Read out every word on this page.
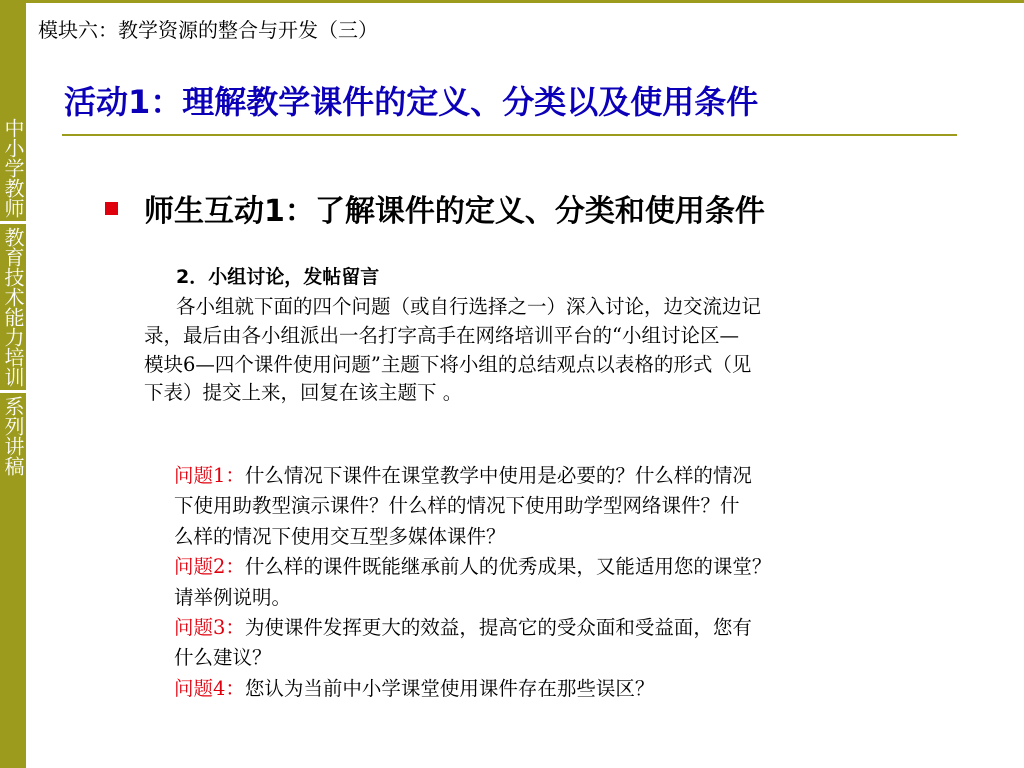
中小学教师教育技术能力培训系列讲稿
模块六：教学资源的整合与开发（三）
活动1：理解教学课件的定义、分类以及使用条件
师生互动1：了解课件的定义、分类和使用条件
2．小组讨论，发帖留言
各小组就下面的四个问题（或自行选择之一）深入讨论，边交流边记
录，最后由各小组派出一名打字高手在网络培训平台的“小组讨论区—
模块6—四个课件使用问题”主题下将小组的总结观点以表格的形式（见
下表）提交上来，回复在该主题下 。
问题1：什么情况下课件在课堂教学中使用是必要的？什么样的情况
下使用助教型演示课件？什么样的情况下使用助学型网络课件？什
么样的情况下使用交互型多媒体课件？
问题2：什么样的课件既能继承前人的优秀成果，又能适用您的课堂？
请举例说明。
问题3：为使课件发挥更大的效益，提高它的受众面和受益面，您有
什么建议？
问题4：您认为当前中小学课堂使用课件存在那些误区？
